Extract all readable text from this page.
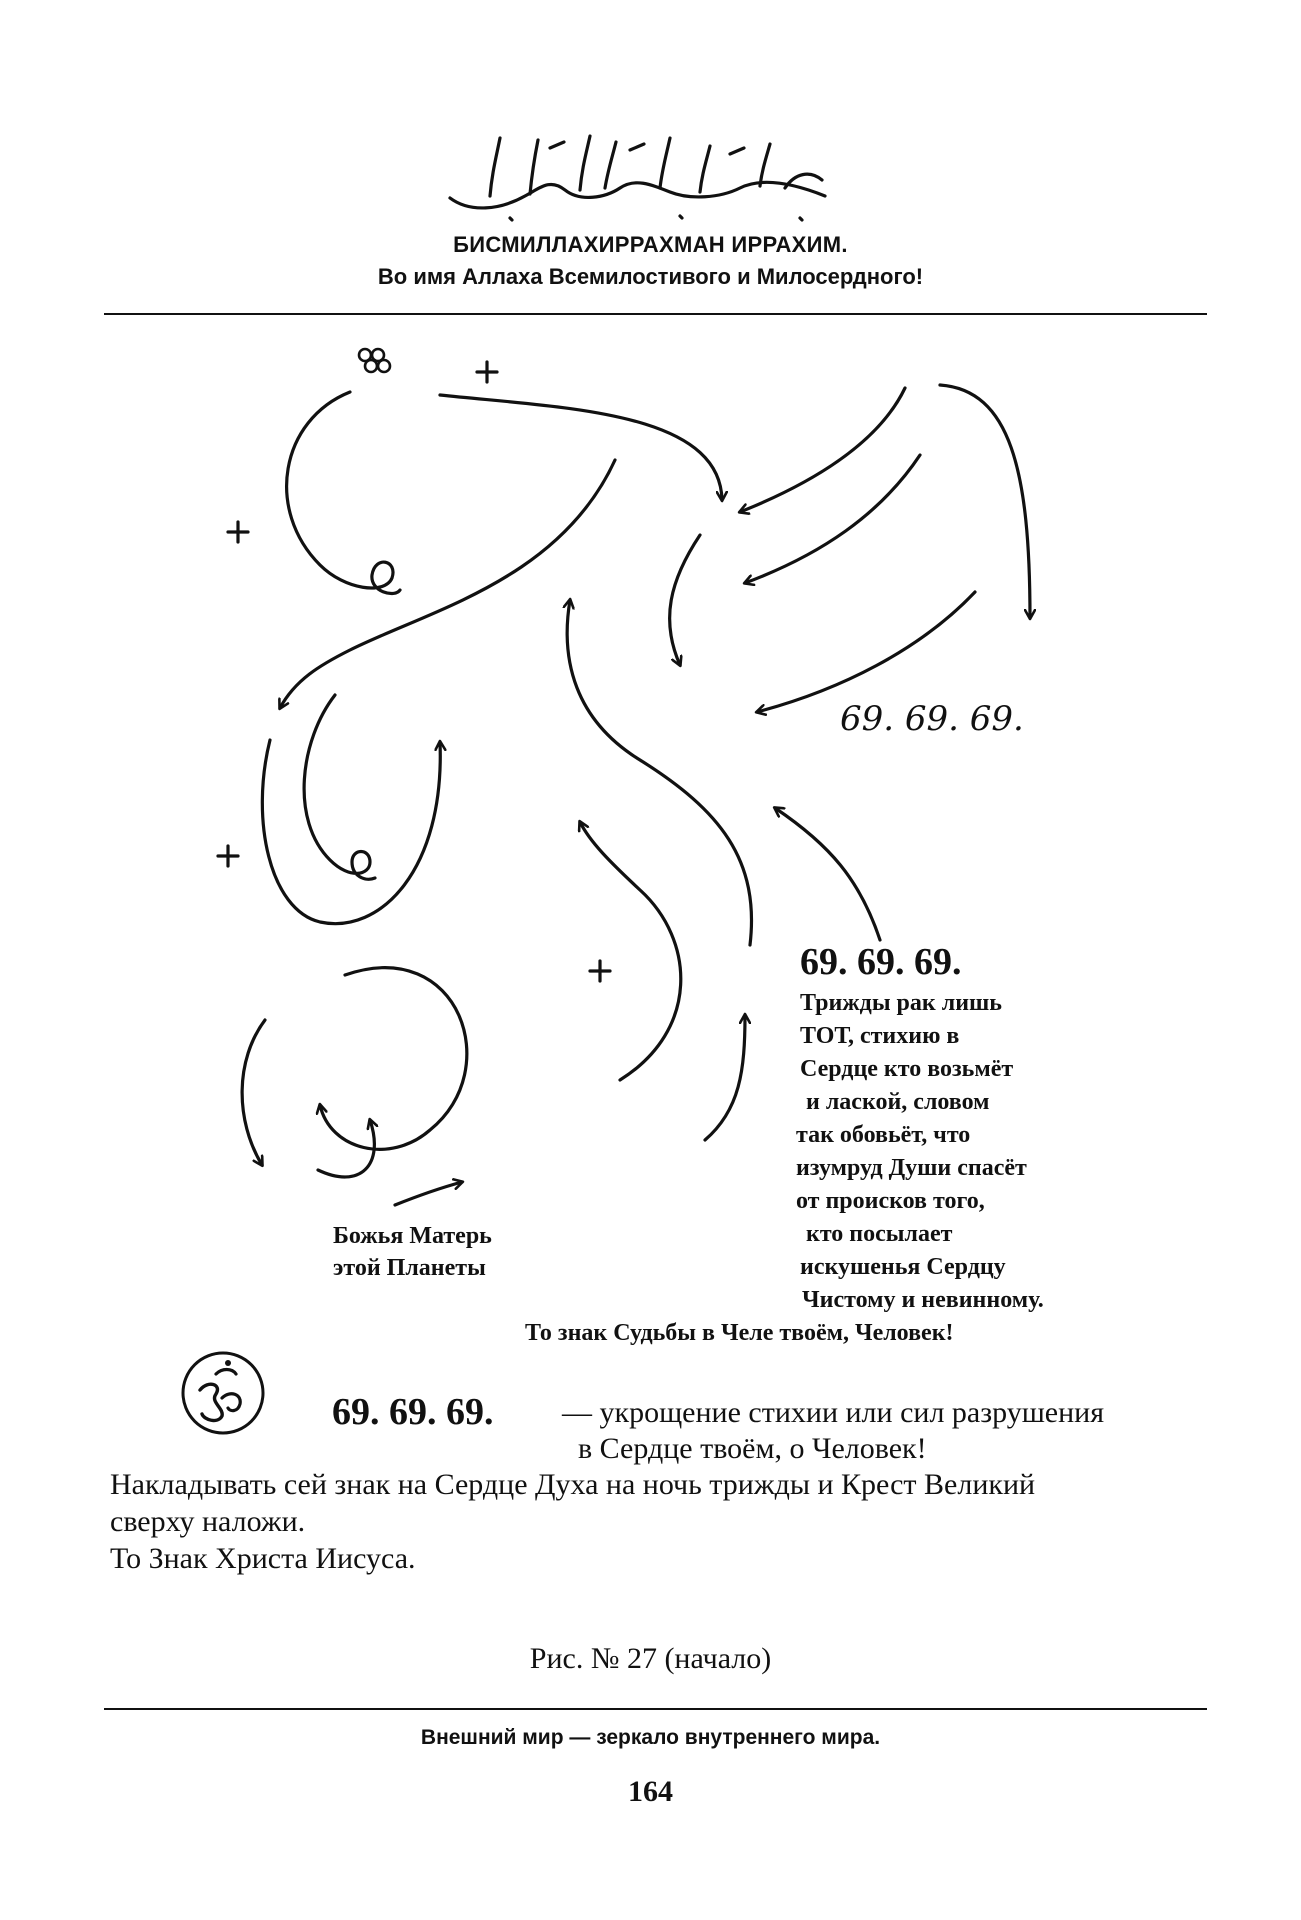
БИСМИЛЛАХИРРАХМАН ИРРАХИМ.
Во имя Аллаха Всемилостивого и Милосердного!
69. 69. 69.
69. 69. 69.
Трижды рак лишь
ТОТ, стихию в
Сердце кто возьмёт
и лаской, словом
так обовьёт, что
изумруд Души спасёт
от происков того,
кто посылает
искушенья Сердцу
Чистому и невинному.
То знак Судьбы в Челе твоём, Человек!
Божья Матерь
этой Планеты
69. 69. 69. — укрощение стихии или сил разрушения
в Сердце твоём, о Человек!
Накладывать сей знак на Сердце Духа на ночь трижды и Крест Великий
сверху наложи.
То Знак Христа Иисуса.
Рис. № 27 (начало)
Внешний мир — зеркало внутреннего мира.
164
